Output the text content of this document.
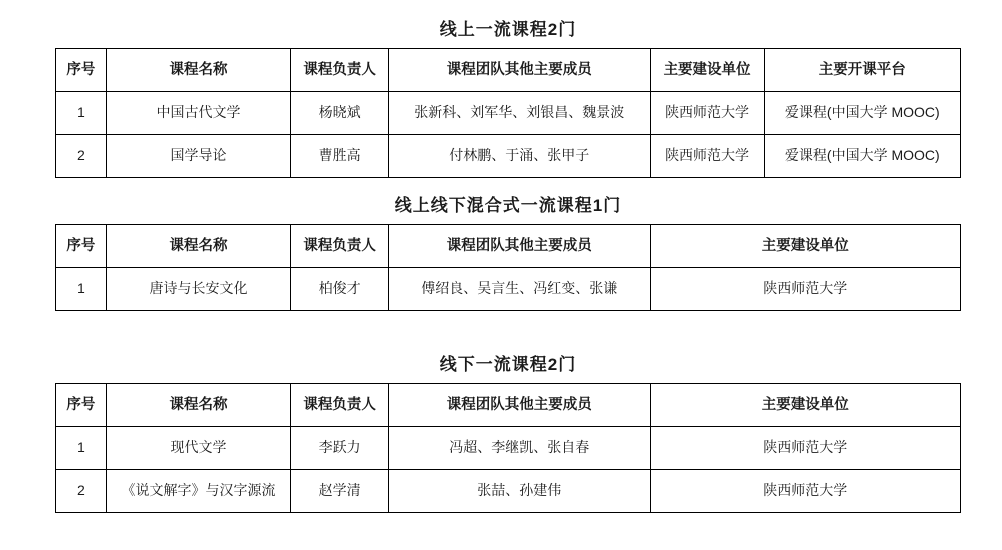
线上一流课程2门
序号	课程名称	课程负责人	课程团队其他主要成员	主要建设单位	主要开课平台
1	中国古代文学	杨晓斌	张新科、刘军华、刘银昌、魏景波	陕西师范大学	爱课程(中国大学 MOOC)
2	国学导论	曹胜高	付林鹏、于涌、张甲子	陕西师范大学	爱课程(中国大学 MOOC)
线上线下混合式一流课程1门
序号	课程名称	课程负责人	课程团队其他主要成员	主要建设单位
1	唐诗与长安文化	柏俊才	傅绍良、吴言生、冯红变、张谦	陕西师范大学
线下一流课程2门
序号	课程名称	课程负责人	课程团队其他主要成员	主要建设单位
1	现代文学	李跃力	冯超、李继凯、张自春	陕西师范大学
2	《说文解字》与汉字源流	赵学清	张喆、孙建伟	陕西师范大学
